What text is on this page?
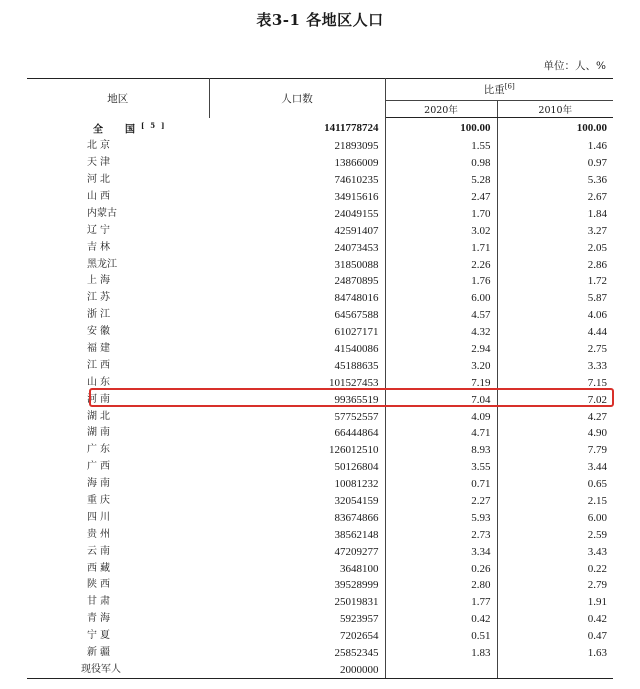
表3-1 各地区人口
单位：人、%
地区	人口数	比重[6]
		2020年	2010年
全　国[5]	1411778724	100.00	100.00
北京	21893095	1.55	1.46
天津	13866009	0.98	0.97
河北	74610235	5.28	5.36
山西	34915616	2.47	2.67
内蒙古	24049155	1.70	1.84
辽宁	42591407	3.02	3.27
吉林	24073453	1.71	2.05
黑龙江	31850088	2.26	2.86
上海	24870895	1.76	1.72
江苏	84748016	6.00	5.87
浙江	64567588	4.57	4.06
安徽	61027171	4.32	4.44
福建	41540086	2.94	2.75
江西	45188635	3.20	3.33
山东	101527453	7.19	7.15
河南	99365519	7.04	7.02
湖北	57752557	4.09	4.27
湖南	66444864	4.71	4.90
广东	126012510	8.93	7.79
广西	50126804	3.55	3.44
海南	10081232	0.71	0.65
重庆	32054159	2.27	2.15
四川	83674866	5.93	6.00
贵州	38562148	2.73	2.59
云南	47209277	3.34	3.43
西藏	3648100	0.26	0.22
陕西	39528999	2.80	2.79
甘肃	25019831	1.77	1.91
青海	5923957	0.42	0.42
宁夏	7202654	0.51	0.47
新疆	25852345	1.83	1.63
现役军人	2000000		
